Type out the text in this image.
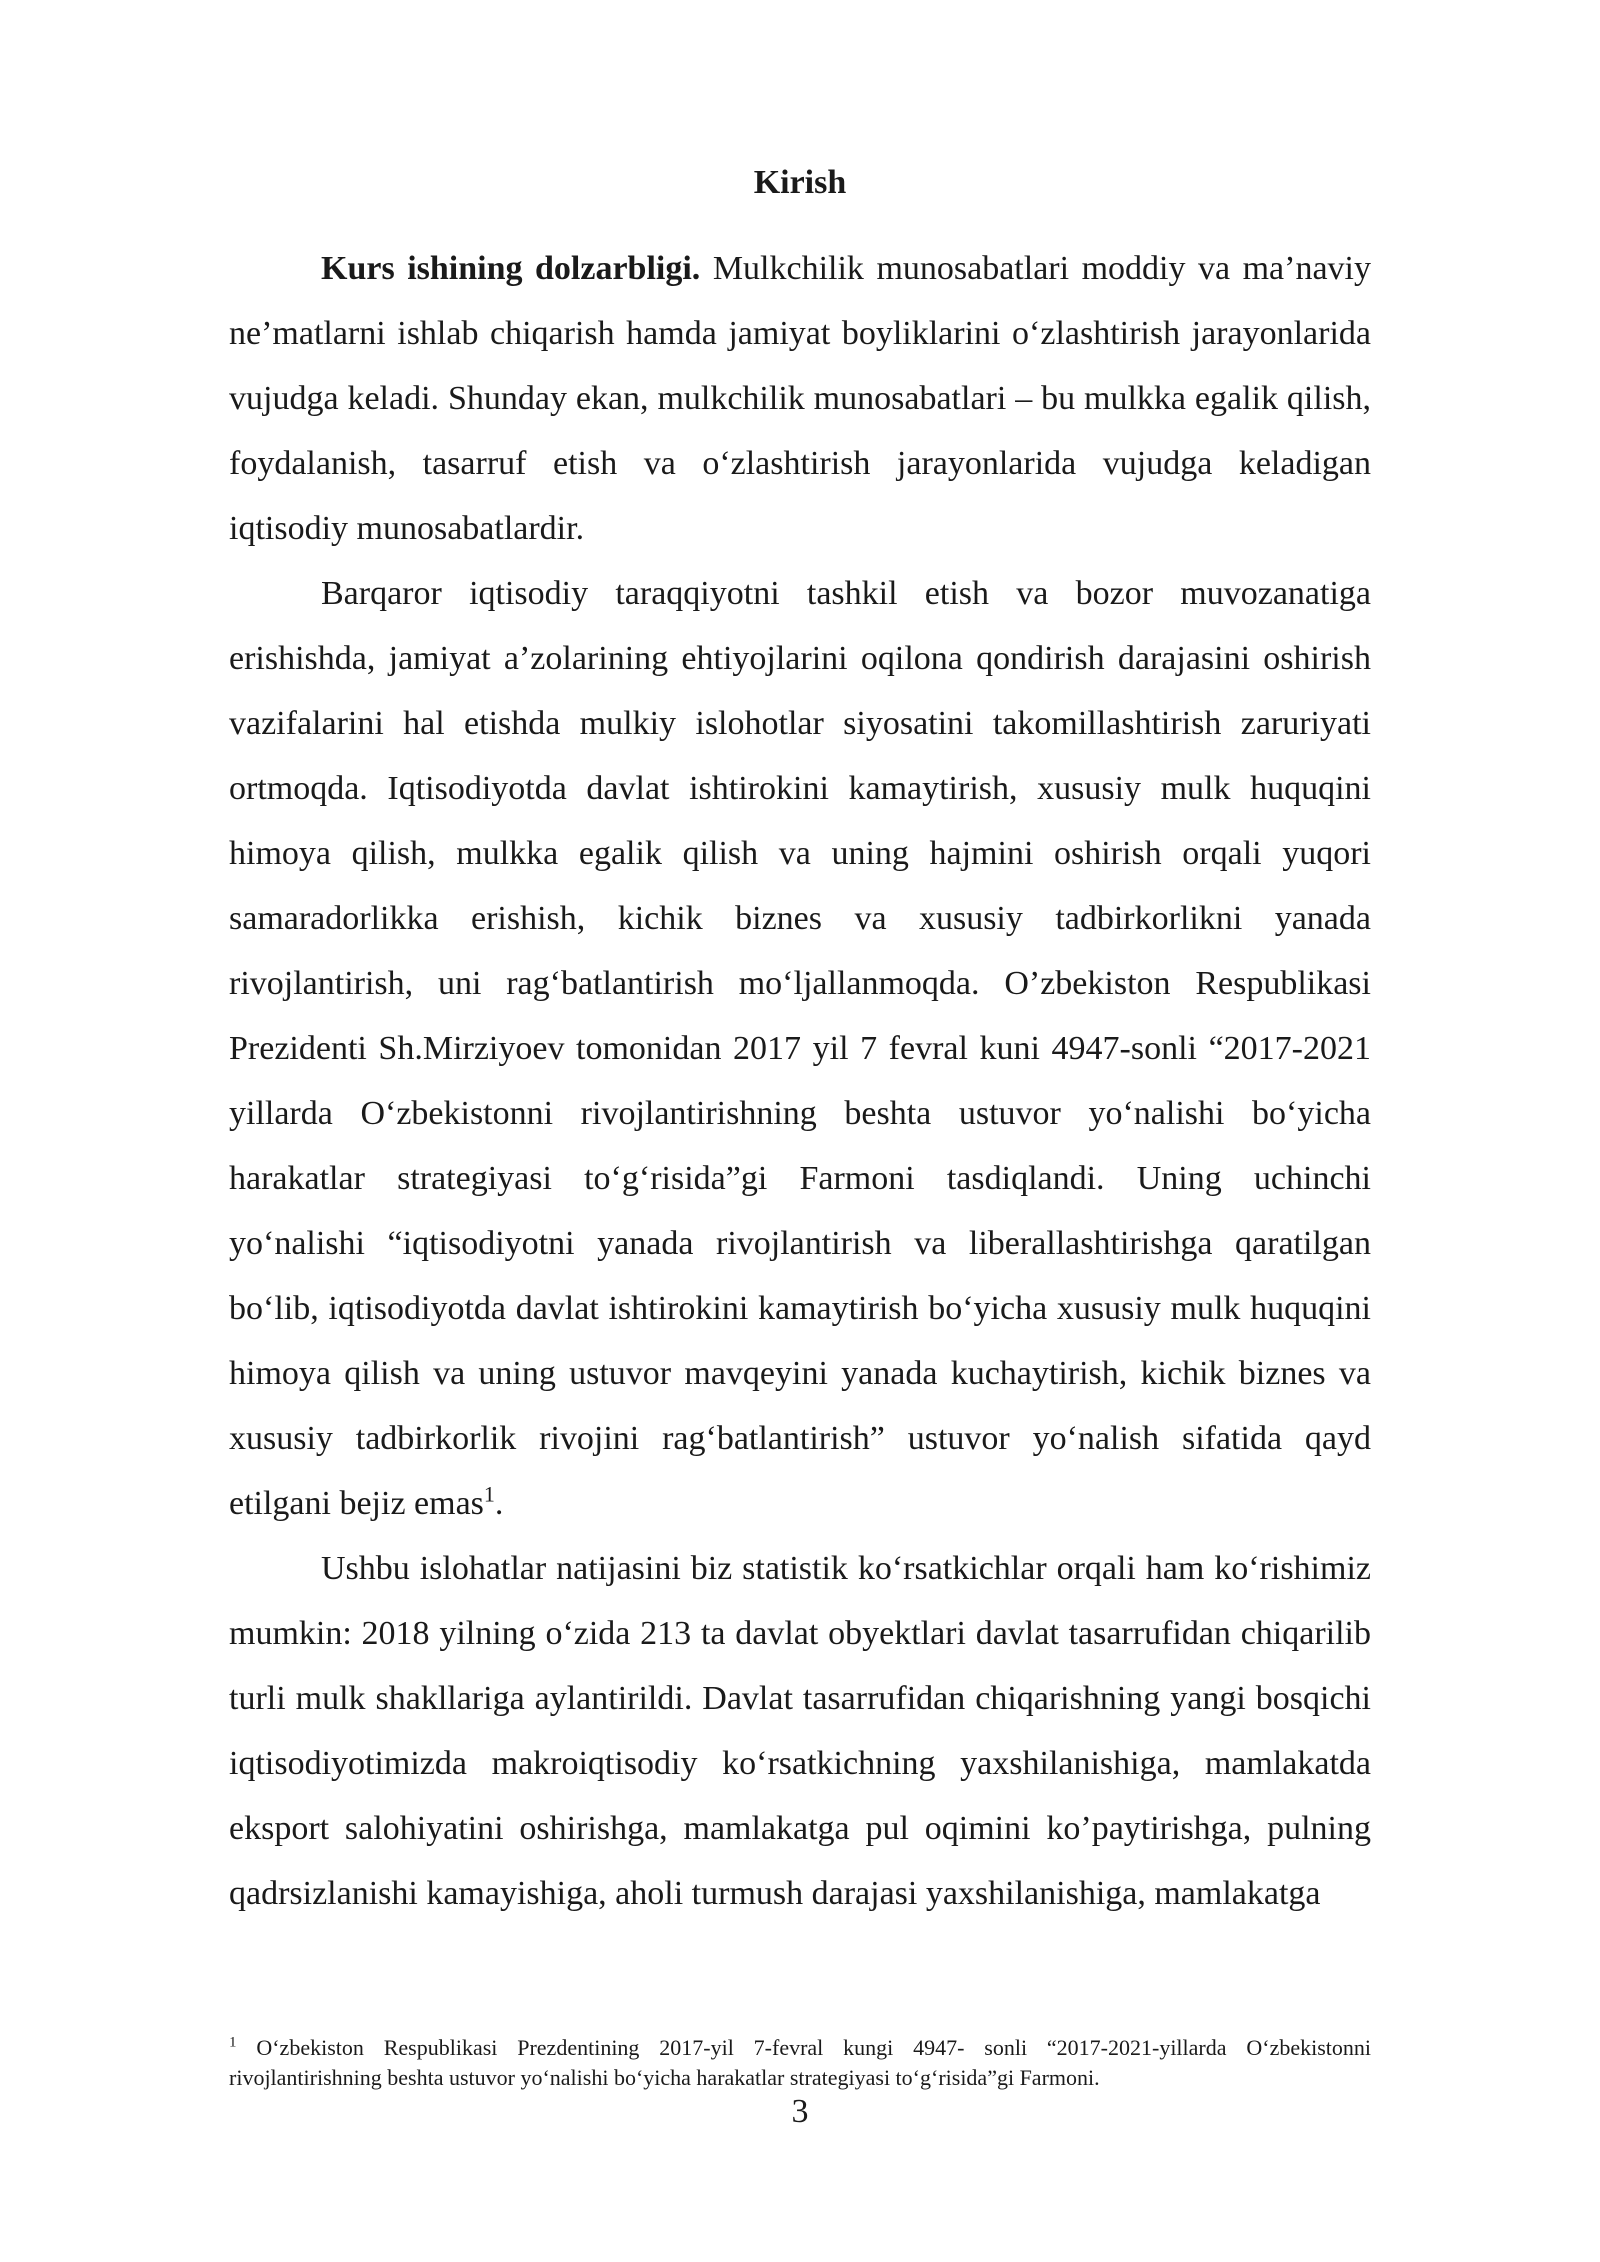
Kirish

Kurs ishining dolzarbligi. Mulkchilik munosabatlari moddiy va ma’naviy ne’matlarni ishlab chiqarish hamda jamiyat boyliklarini o‘zlashtirish jarayonlarida vujudga keladi. Shunday ekan, mulkchilik munosabatlari – bu mulkka egalik qilish, foydalanish, tasarruf etish va o‘zlashtirish jarayonlarida vujudga keladigan iqtisodiy munosabatlardir.

Barqaror iqtisodiy taraqqiyotni tashkil etish va bozor muvozanatiga erishishda, jamiyat a’zolarining ehtiyojlarini oqilona qondirish darajasini oshirish vazifalarini hal etishda mulkiy islohotlar siyosatini takomillashtirish zaruriyati ortmoqda. Iqtisodiyotda davlat ishtirokini kamaytirish, xususiy mulk huquqini himoya qilish, mulkka egalik qilish va uning hajmini oshirish orqali yuqori samaradorlikka erishish, kichik biznes va xususiy tadbirkorlikni yanada rivojlantirish, uni rag‘batlantirish mo‘ljallanmoqda. O’zbekiston Respublikasi Prezidenti Sh.Mirziyoev tomonidan 2017 yil 7 fevral kuni 4947-sonli “2017-2021 yillarda O‘zbekistonni rivojlantirishning beshta ustuvor yo‘nalishi bo‘yicha harakatlar strategiyasi to‘g‘risida”gi Farmoni tasdiqlandi. Uning uchinchi yo‘nalishi “iqtisodiyotni yanada rivojlantirish va liberallashtirishga qaratilgan bo‘lib, iqtisodiyotda davlat ishtirokini kamaytirish bo‘yicha xususiy mulk huquqini himoya qilish va uning ustuvor mavqeyini yanada kuchaytirish, kichik biznes va xususiy tadbirkorlik rivojini rag‘batlantirish” ustuvor yo‘nalish sifatida qayd etilgani bejiz emas$^1$.

Ushbu islohatlar natijasini biz statistik ko‘rsatkichlar orqali ham ko‘rishimiz mumkin: 2018 yilning o‘zida 213 ta davlat obyektlari davlat tasarrufidan chiqarilib turli mulk shakllariga aylantirildi. Davlat tasarrufidan chiqarishning yangi bosqichi iqtisodiyotimizda makroiqtisodiy ko‘rsatkichning yaxshilanishiga, mamlakatda eksport salohiyatini oshirishga, mamlakatga pul oqimini ko’paytirishga, pulning qadrsizlanishi kamayishiga, aholi turmush darajasi yaxshilanishiga, mamlakatga

$^1$ O‘zbekiston Respublikasi Prezdentining 2017-yil 7-fevral kungi 4947- sonli “2017-2021-yillarda O‘zbekistonni rivojlantirishning beshta ustuvor yo‘nalishi bo‘yicha harakatlar strategiyasi to‘g‘risida”gi Farmoni.

3
